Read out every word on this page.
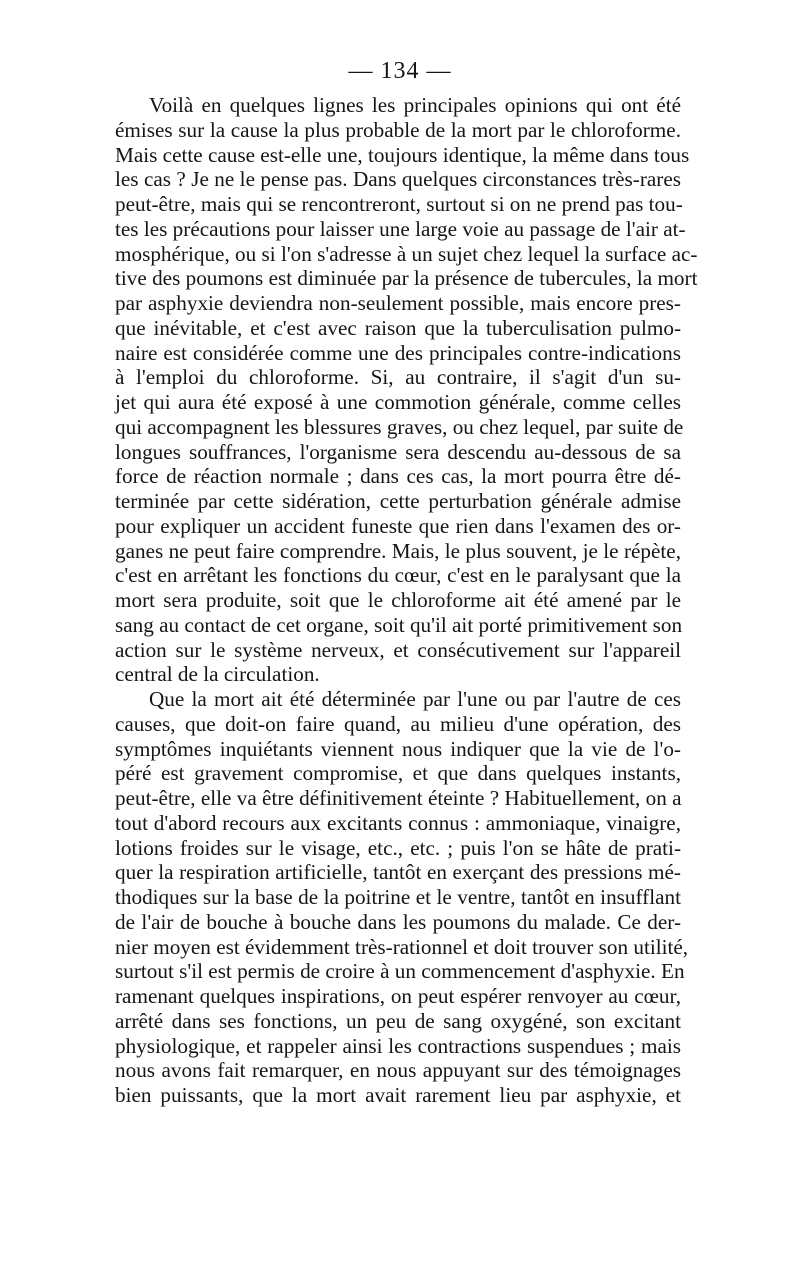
— 134 —
Voilà en quelques lignes les principales opinions qui ont été
émises sur la cause la plus probable de la mort par le chloroforme.
Mais cette cause est-elle une, toujours identique, la même dans tous
les cas ? Je ne le pense pas. Dans quelques circonstances très-rares
peut-être, mais qui se rencontreront, surtout si on ne prend pas tou-
tes les précautions pour laisser une large voie au passage de l'air at-
mosphérique, ou si l'on s'adresse à un sujet chez lequel la surface ac-
tive des poumons est diminuée par la présence de tubercules, la mort
par asphyxie deviendra non-seulement possible, mais encore pres-
que inévitable, et c'est avec raison que la tuberculisation pulmo-
naire est considérée comme une des principales contre-indications
à l'emploi du chloroforme. Si, au contraire, il s'agit d'un su-
jet qui aura été exposé à une commotion générale, comme celles
qui accompagnent les blessures graves, ou chez lequel, par suite de
longues souffrances, l'organisme sera descendu au-dessous de sa
force de réaction normale ; dans ces cas, la mort pourra être dé-
terminée par cette sidération, cette perturbation générale admise
pour expliquer un accident funeste que rien dans l'examen des or-
ganes ne peut faire comprendre. Mais, le plus souvent, je le répète,
c'est en arrêtant les fonctions du cœur, c'est en le paralysant que la
mort sera produite, soit que le chloroforme ait été amené par le
sang au contact de cet organe, soit qu'il ait porté primitivement son
action sur le système nerveux, et consécutivement sur l'appareil
central de la circulation.
Que la mort ait été déterminée par l'une ou par l'autre de ces
causes, que doit-on faire quand, au milieu d'une opération, des
symptômes inquiétants viennent nous indiquer que la vie de l'o-
péré est gravement compromise, et que dans quelques instants,
peut-être, elle va être définitivement éteinte ? Habituellement, on a
tout d'abord recours aux excitants connus : ammoniaque, vinaigre,
lotions froides sur le visage, etc., etc. ; puis l'on se hâte de prati-
quer la respiration artificielle, tantôt en exerçant des pressions mé-
thodiques sur la base de la poitrine et le ventre, tantôt en insufflant
de l'air de bouche à bouche dans les poumons du malade. Ce der-
nier moyen est évidemment très-rationnel et doit trouver son utilité,
surtout s'il est permis de croire à un commencement d'asphyxie. En
ramenant quelques inspirations, on peut espérer renvoyer au cœur,
arrêté dans ses fonctions, un peu de sang oxygéné, son excitant
physiologique, et rappeler ainsi les contractions suspendues ; mais
nous avons fait remarquer, en nous appuyant sur des témoignages
bien puissants, que la mort avait rarement lieu par asphyxie, et
